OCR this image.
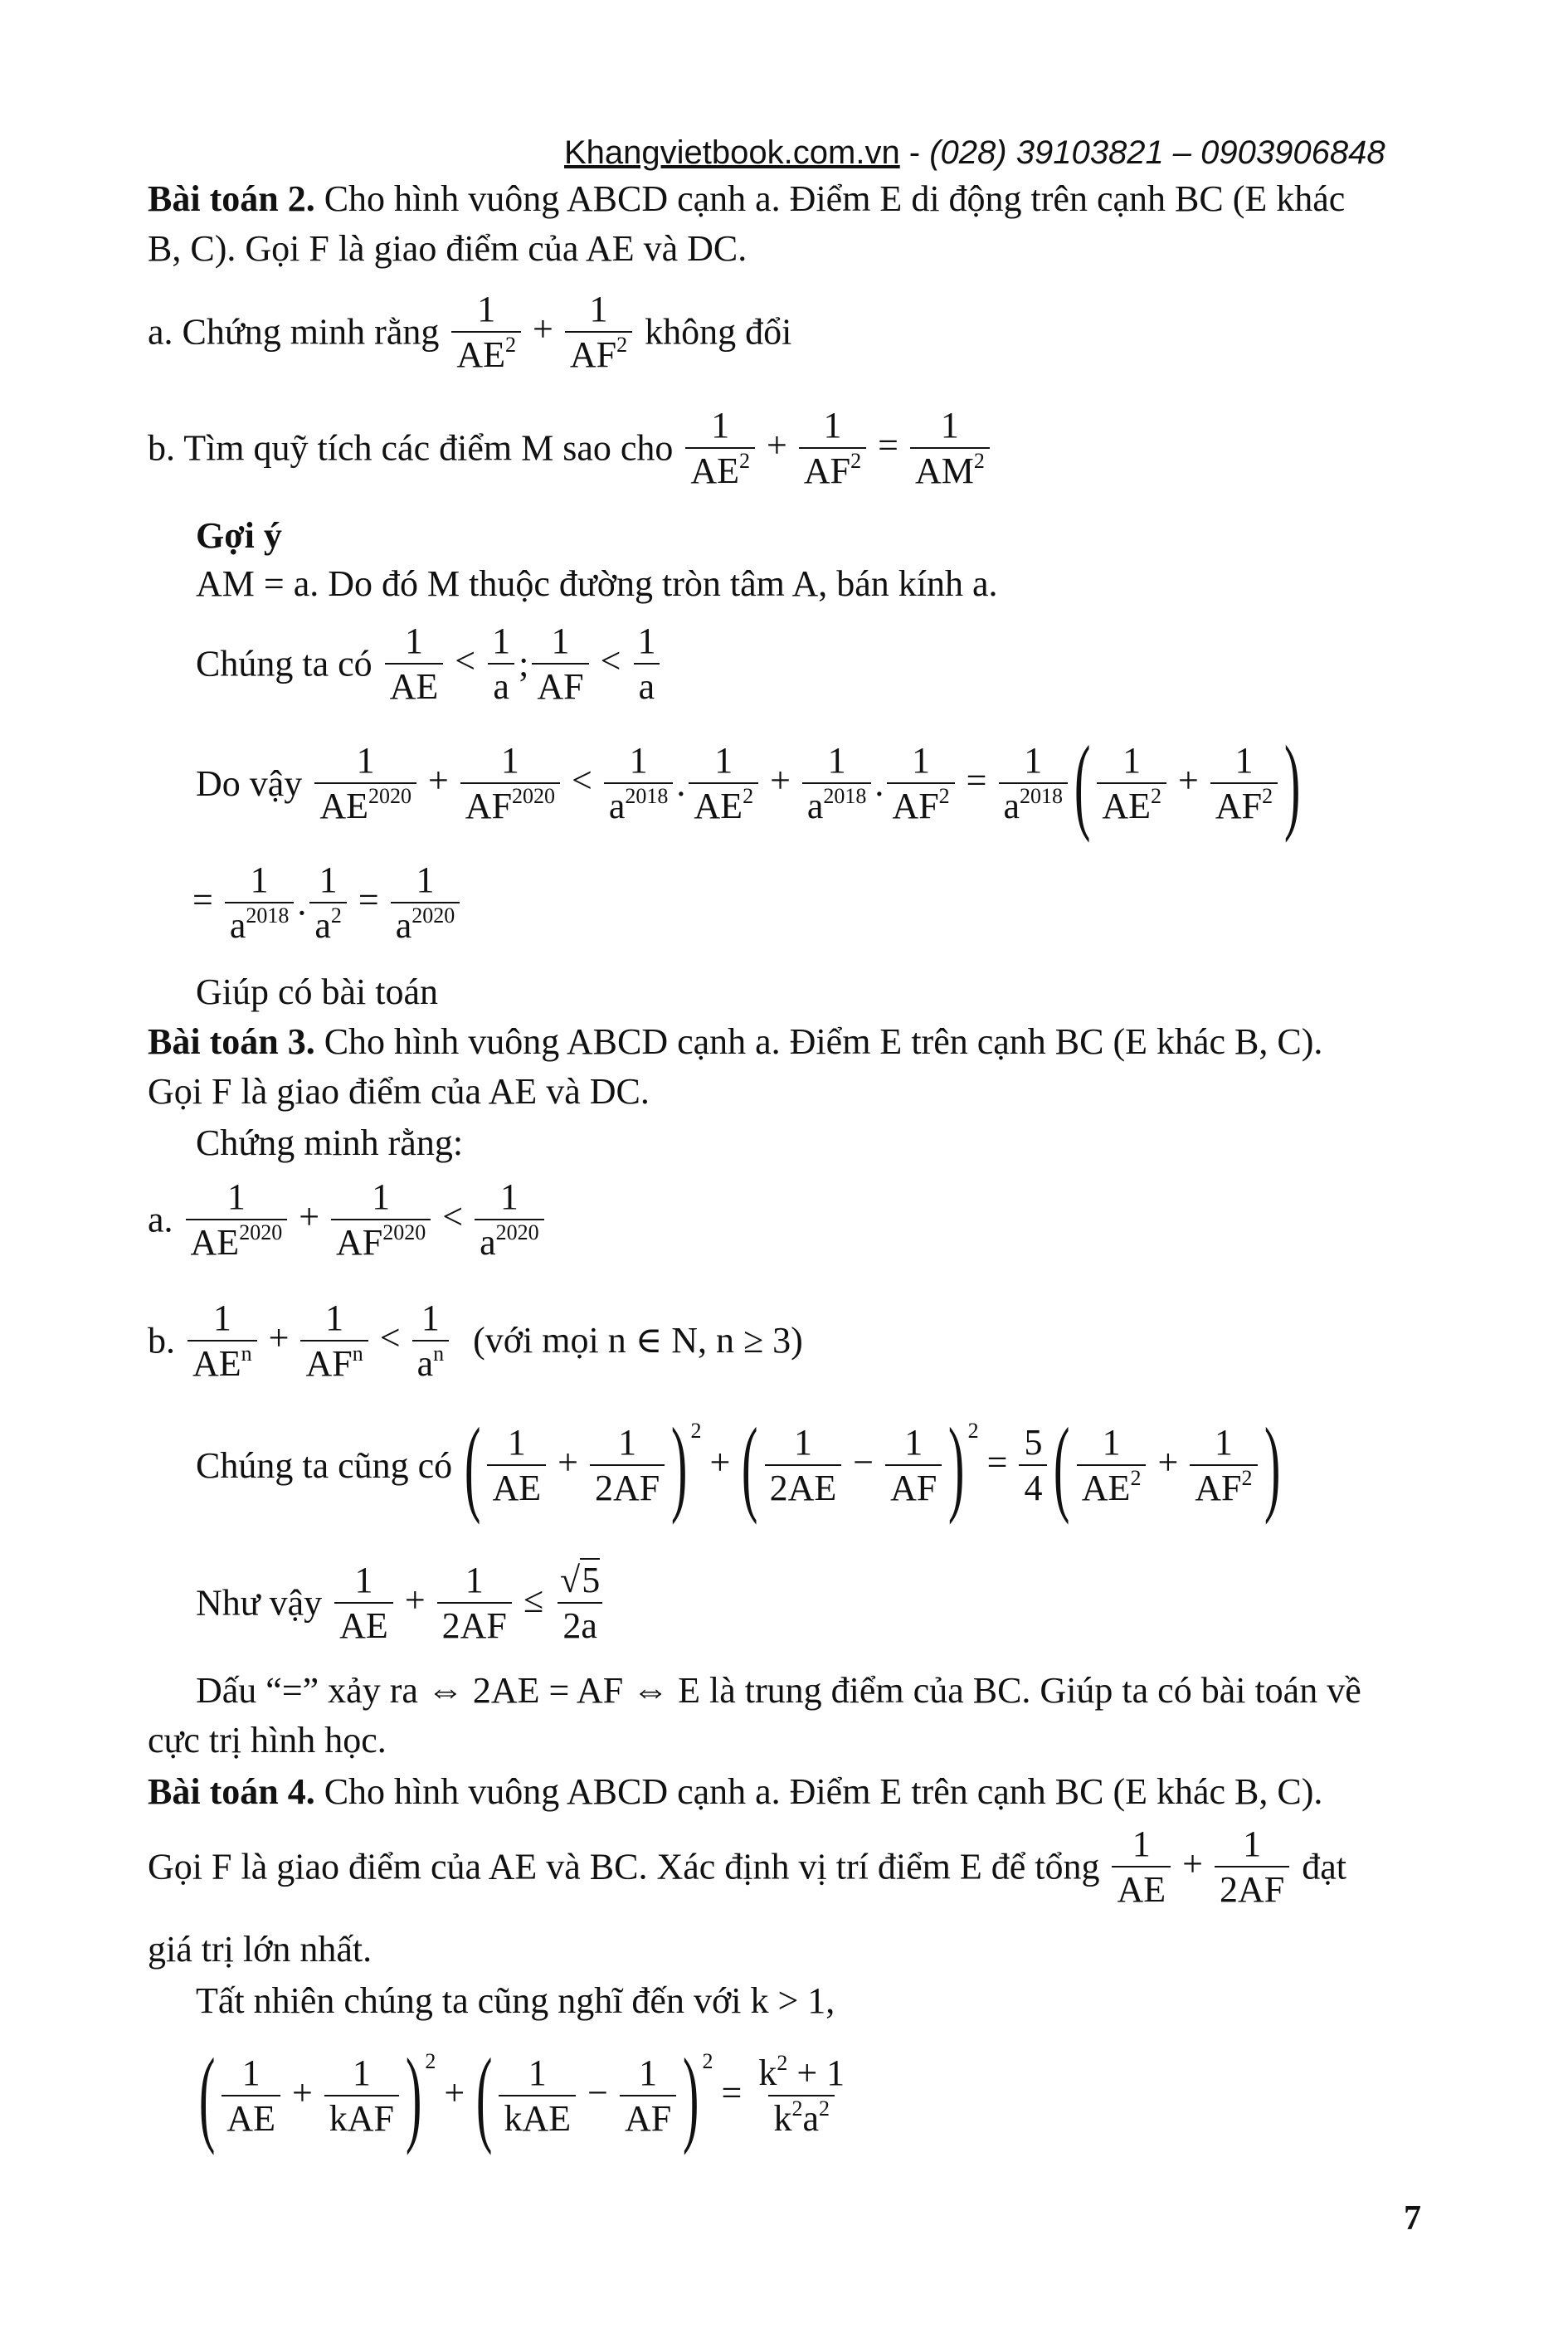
Khangvietbook.com.vn - (028) 39103821 – 0903906848
Bài toán 2. Cho hình vuông ABCD cạnh a. Điểm E di động trên cạnh BC (E khác
B, C). Gọi F là giao điểm của AE và DC.
a. Chứng minh rằng $\frac{1}{AE^2} + \frac{1}{AF^2}$ không đổi
b. Tìm quỹ tích các điểm M sao cho $\frac{1}{AE^2} + \frac{1}{AF^2} = \frac{1}{AM^2}$
Gợi ý
AM = a. Do đó M thuộc đường tròn tâm A, bán kính a.
Chúng ta có $\frac{1}{AE} < \frac{1}{a}$ ; $\frac{1}{AF} < \frac{1}{a}$
Do vậy $\frac{1}{AE^{2020}} + \frac{1}{AF^{2020}} < \frac{1}{a^{2018}}$ . $\frac{1}{AE^2} + \frac{1}{a^{2018}}$ . $\frac{1}{AF^2} = \frac{1}{a^{2018}}$ ( $\frac{1}{AE^2} + \frac{1}{AF^2}$ )
= $\frac{1}{a^{2018}}$ . $\frac{1}{a^2} = \frac{1}{a^{2020}}$
Giúp có bài toán
Bài toán 3. Cho hình vuông ABCD cạnh a. Điểm E trên cạnh BC (E khác B, C).
Gọi F là giao điểm của AE và DC.
Chứng minh rằng:
a. $\frac{1}{AE^{2020}} + \frac{1}{AF^{2020}} < \frac{1}{a^{2020}}$
b. $\frac{1}{AE^n} + \frac{1}{AF^n} < \frac{1}{a^n}$ (với mọi n ∈ N, n ≥ 3)
Chúng ta cũng có ( $\frac{1}{AE} + \frac{1}{2AF}$ ) $^2$+ ( $\frac{1}{2AE} - \frac{1}{AF}$ ) $^2= \frac{5}{4}$ ( $\frac{1}{AE^2} + \frac{1}{AF^2}$ )
Như vậy $\frac{1}{AE} + \frac{1}{2AF} \le \frac{√5}{2a}$
Dấu “=” xảy ra ⇔ 2AE = AF ⇔ E là trung điểm của BC. Giúp ta có bài toán về
cực trị hình học.
Bài toán 4. Cho hình vuông ABCD cạnh a. Điểm E trên cạnh BC (E khác B, C).
Gọi F là giao điểm của AE và BC. Xác định vị trí điểm E để tổng $\frac{1}{AE} + \frac{1}{2AF}$ đạt
giá trị lớn nhất.
Tất nhiên chúng ta cũng nghĩ đến với k > 1,
( $\frac{1}{AE} + \frac{1}{\text{kAF}}$ ) $^2$+ ( $\frac{1}{\text{kAE}} - \frac{1}{AF}$ ) $^2= \frac{k^2 + 1}{k^2a^2}$
7
